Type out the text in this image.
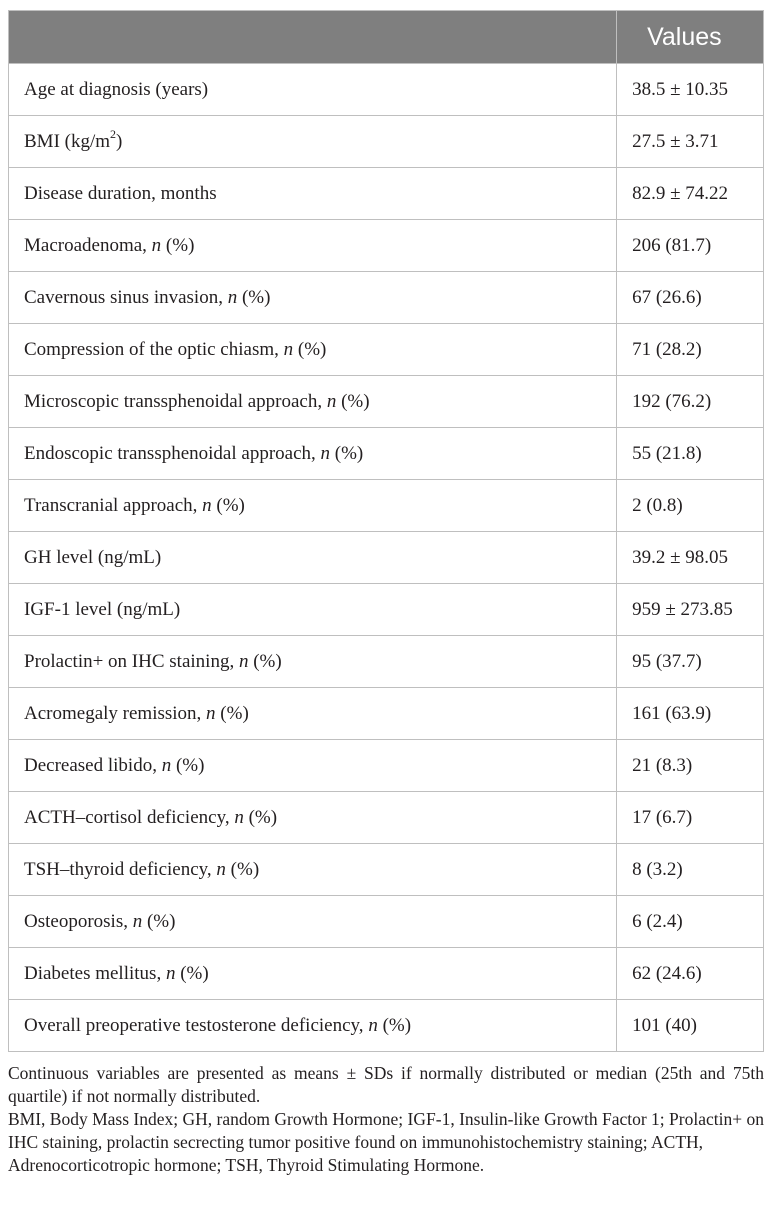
	Values
Age at diagnosis (years)	38.5 ± 10.35
BMI $(kg/m^2)$	27.5 ± 3.71
Disease duration, months	82.9 ± 74.22
Macroadenoma, n (%)	206 (81.7)
Cavernous sinus invasion, n (%)	67 (26.6)
Compression of the optic chiasm, n (%)	71 (28.2)
Microscopic transsphenoidal approach, n (%)	192 (76.2)
Endoscopic transsphenoidal approach, n (%)	55 (21.8)
Transcranial approach, n (%)	2 (0.8)
GH level (ng/mL)	39.2 ± 98.05
IGF-1 level (ng/mL)	959 ± 273.85
Prolactin+ on IHC staining, n (%)	95 (37.7)
Acromegaly remission, n (%)	161 (63.9)
Decreased libido, n (%)	21 (8.3)
ACTH–cortisol deficiency, n (%)	17 (6.7)
TSH–thyroid deficiency, n (%)	8 (3.2)
Osteoporosis, n (%)	6 (2.4)
Diabetes mellitus, n (%)	62 (24.6)
Overall preoperative testosterone deficiency, n (%)	101 (40)

Continuous variables are presented as means ± SDs if normally distributed or median (25th and 75th quartile) if not normally distributed.

BMI, Body Mass Index; GH, random Growth Hormone; IGF-1, Insulin-like Growth Factor 1; Prolactin+ on IHC staining, prolactin secrecting tumor positive found on immunohistochemistry staining; ACTH, Adrenocorticotropic hormone; TSH, Thyroid Stimulating Hormone.
